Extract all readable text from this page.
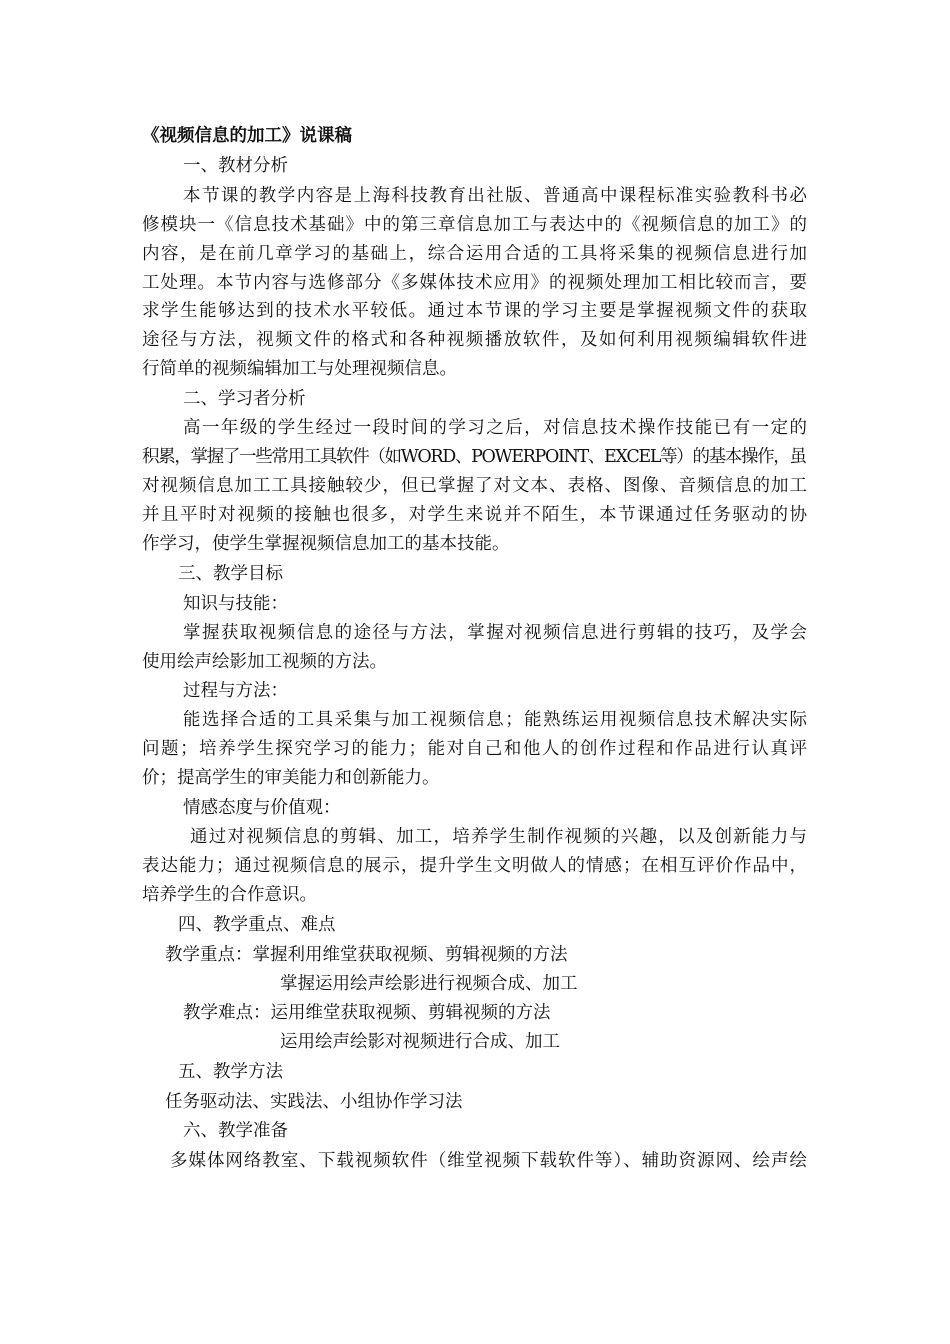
《视频信息的加工》说课稿
一、教材分析
本节课的教学内容是上海科技教育出社版、普通高中课程标准实验教科书必
修模块一《信息技术基础》中的第三章信息加工与表达中的《视频信息的加工》的
内容，是在前几章学习的基础上，综合运用合适的工具将采集的视频信息进行加
工处理。本节内容与选修部分《多媒体技术应用》的视频处理加工相比较而言，要
求学生能够达到的技术水平较低。通过本节课的学习主要是掌握视频文件的获取
途径与方法，视频文件的格式和各种视频播放软件，及如何利用视频编辑软件进
行简单的视频编辑加工与处理视频信息。
二、学习者分析
高一年级的学生经过一段时间的学习之后，对信息技术操作技能已有一定的
积累，掌握了一些常用工具软件（如WORD、POWERPOINT、EXCEL等）的基本操作，虽
对视频信息加工工具接触较少，但已掌握了对文本、表格、图像、音频信息的加工
并且平时对视频的接触也很多，对学生来说并不陌生，本节课通过任务驱动的协
作学习，使学生掌握视频信息加工的基本技能。
三、教学目标
知识与技能：
掌握获取视频信息的途径与方法，掌握对视频信息进行剪辑的技巧，及学会
使用绘声绘影加工视频的方法。
过程与方法：
能选择合适的工具采集与加工视频信息；能熟练运用视频信息技术解决实际
问题；培养学生探究学习的能力；能对自己和他人的创作过程和作品进行认真评
价；提高学生的审美能力和创新能力。
情感态度与价值观：
通过对视频信息的剪辑、加工，培养学生制作视频的兴趣，以及创新能力与
表达能力；通过视频信息的展示，提升学生文明做人的情感；在相互评价作品中，
培养学生的合作意识。
四、教学重点、难点
教学重点：掌握利用维堂获取视频、剪辑视频的方法
掌握运用绘声绘影进行视频合成、加工
教学难点：运用维堂获取视频、剪辑视频的方法
运用绘声绘影对视频进行合成、加工
五、教学方法
任务驱动法、实践法、小组协作学习法
六、教学准备
多媒体网络教室、下载视频软件（维堂视频下载软件等）、辅助资源网、绘声绘
